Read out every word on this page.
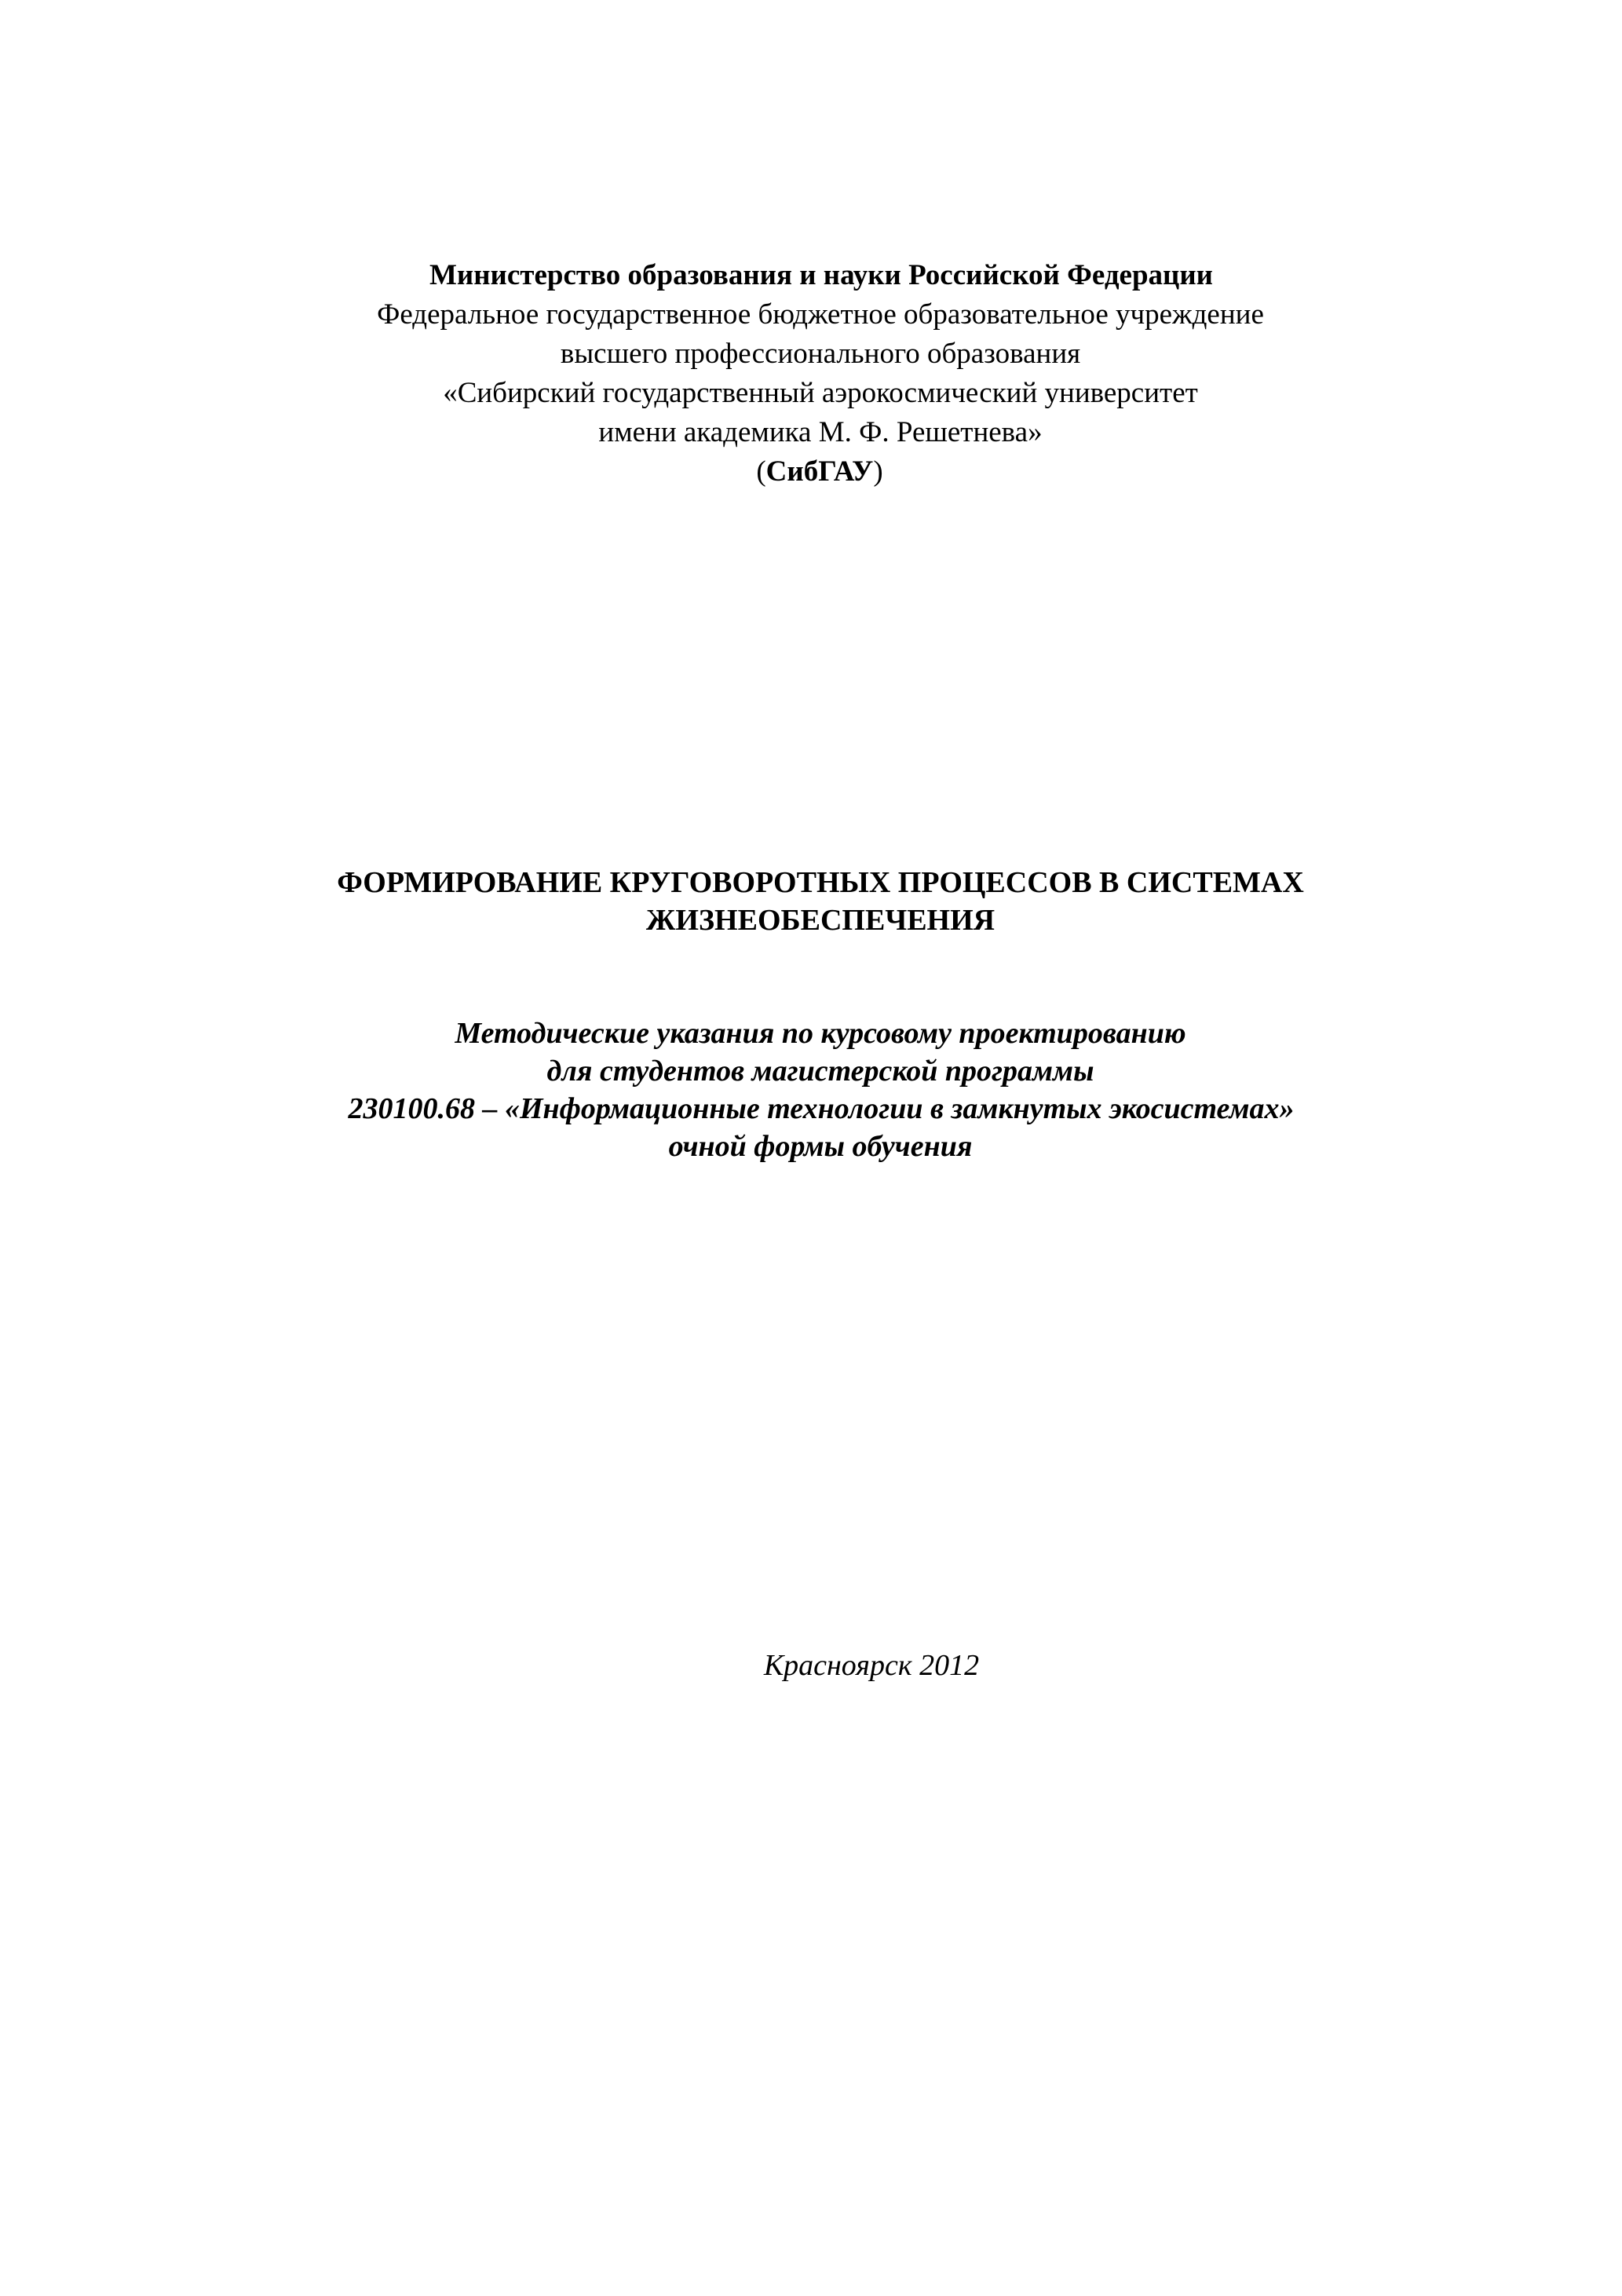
Министерство образования и науки Российской Федерации
Федеральное государственное бюджетное образовательное учреждение
высшего профессионального образования
«Сибирский государственный аэрокосмический университет
имени академика М. Ф. Решетнева»
(СибГАУ)
ФОРМИРОВАНИЕ КРУГОВОРОТНЫХ ПРОЦЕССОВ В СИСТЕМАХ
ЖИЗНЕОБЕСПЕЧЕНИЯ
Методические указания по курсовому проектированию
для студентов магистерской программы
230100.68 – «Информационные технологии в замкнутых экосистемах»
очной формы обучения
Красноярск 2012
